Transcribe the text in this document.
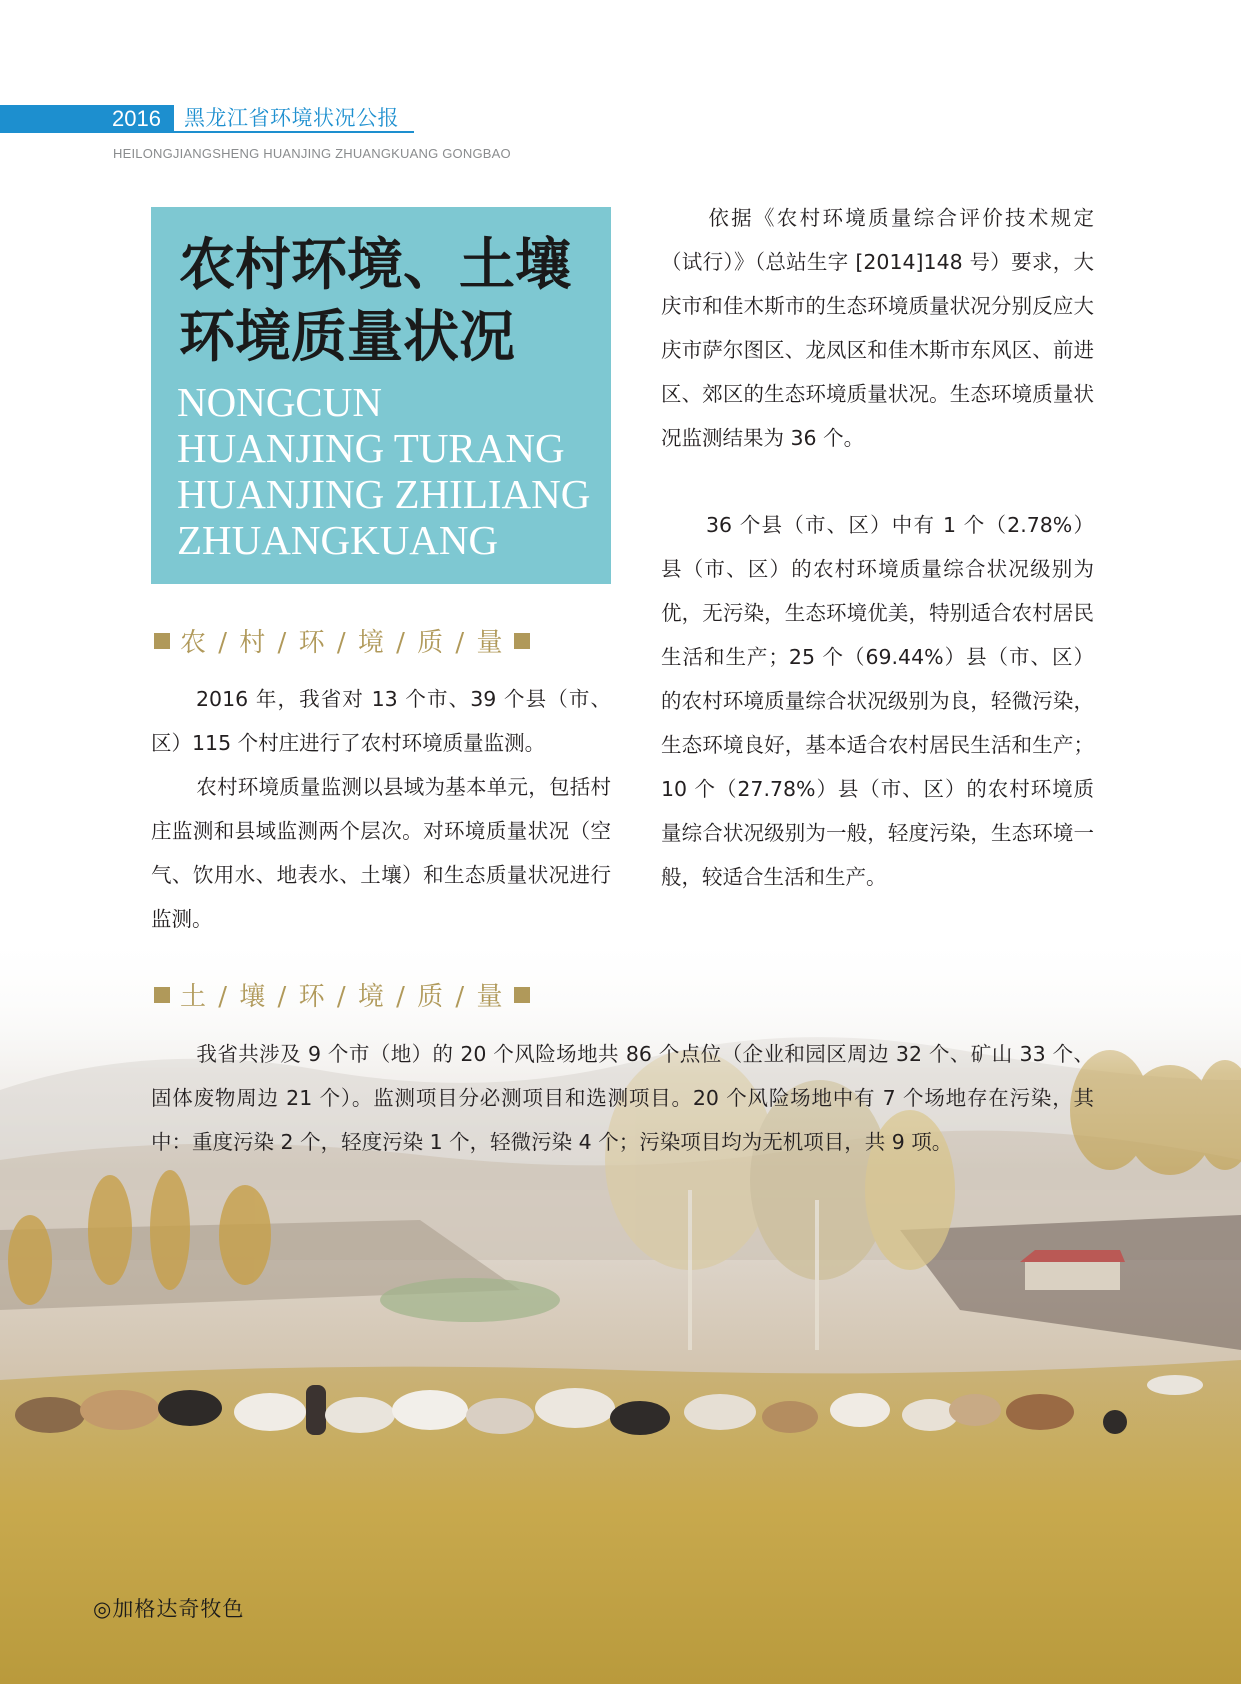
2016 黑龙江省环境状况公报
HEILONGJIANGSHENG HUANJING ZHUANGKUANG GONGBAO
农村环境、土壤
环境质量状况
NONGCUN
HUANJING TURANG
HUANJING ZHILIANG
ZHUANGKUANG
农 / 村 / 环 / 境 / 质 / 量
2016 年，我省对 13 个市、39 个县（市、区）115 个村庄进行了农村环境质量监测。
农村环境质量监测以县域为基本单元，包括村庄监测和县域监测两个层次。对环境质量状况（空气、饮用水、地表水、土壤）和生态质量状况进行监测。
依据《农村环境质量综合评价技术规定（试行）》（总站生字 [2014]148 号）要求，大庆市和佳木斯市的生态环境质量状况分别反应大庆市萨尔图区、龙凤区和佳木斯市东风区、前进区、郊区的生态环境质量状况。生态环境质量状况监测结果为 36 个。
36 个县（市、区）中有 1 个（2.78%）县（市、区）的农村环境质量综合状况级别为优，无污染，生态环境优美，特别适合农村居民生活和生产；25 个（69.44%）县（市、区）的农村环境质量综合状况级别为良，轻微污染，生态环境良好，基本适合农村居民生活和生产；10 个（27.78%）县（市、区）的农村环境质量综合状况级别为一般，轻度污染，生态环境一般，较适合生活和生产。
土 / 壤 / 环 / 境 / 质 / 量
我省共涉及 9 个市（地）的 20 个风险场地共 86 个点位（企业和园区周边 32 个、矿山 33 个、固体废物周边 21 个）。监测项目分必测项目和选测项目。20 个风险场地中有 7 个场地存在污染，其中：重度污染 2 个，轻度污染 1 个，轻微污染 4 个；污染项目均为无机项目，共 9 项。
◎加格达奇牧色
